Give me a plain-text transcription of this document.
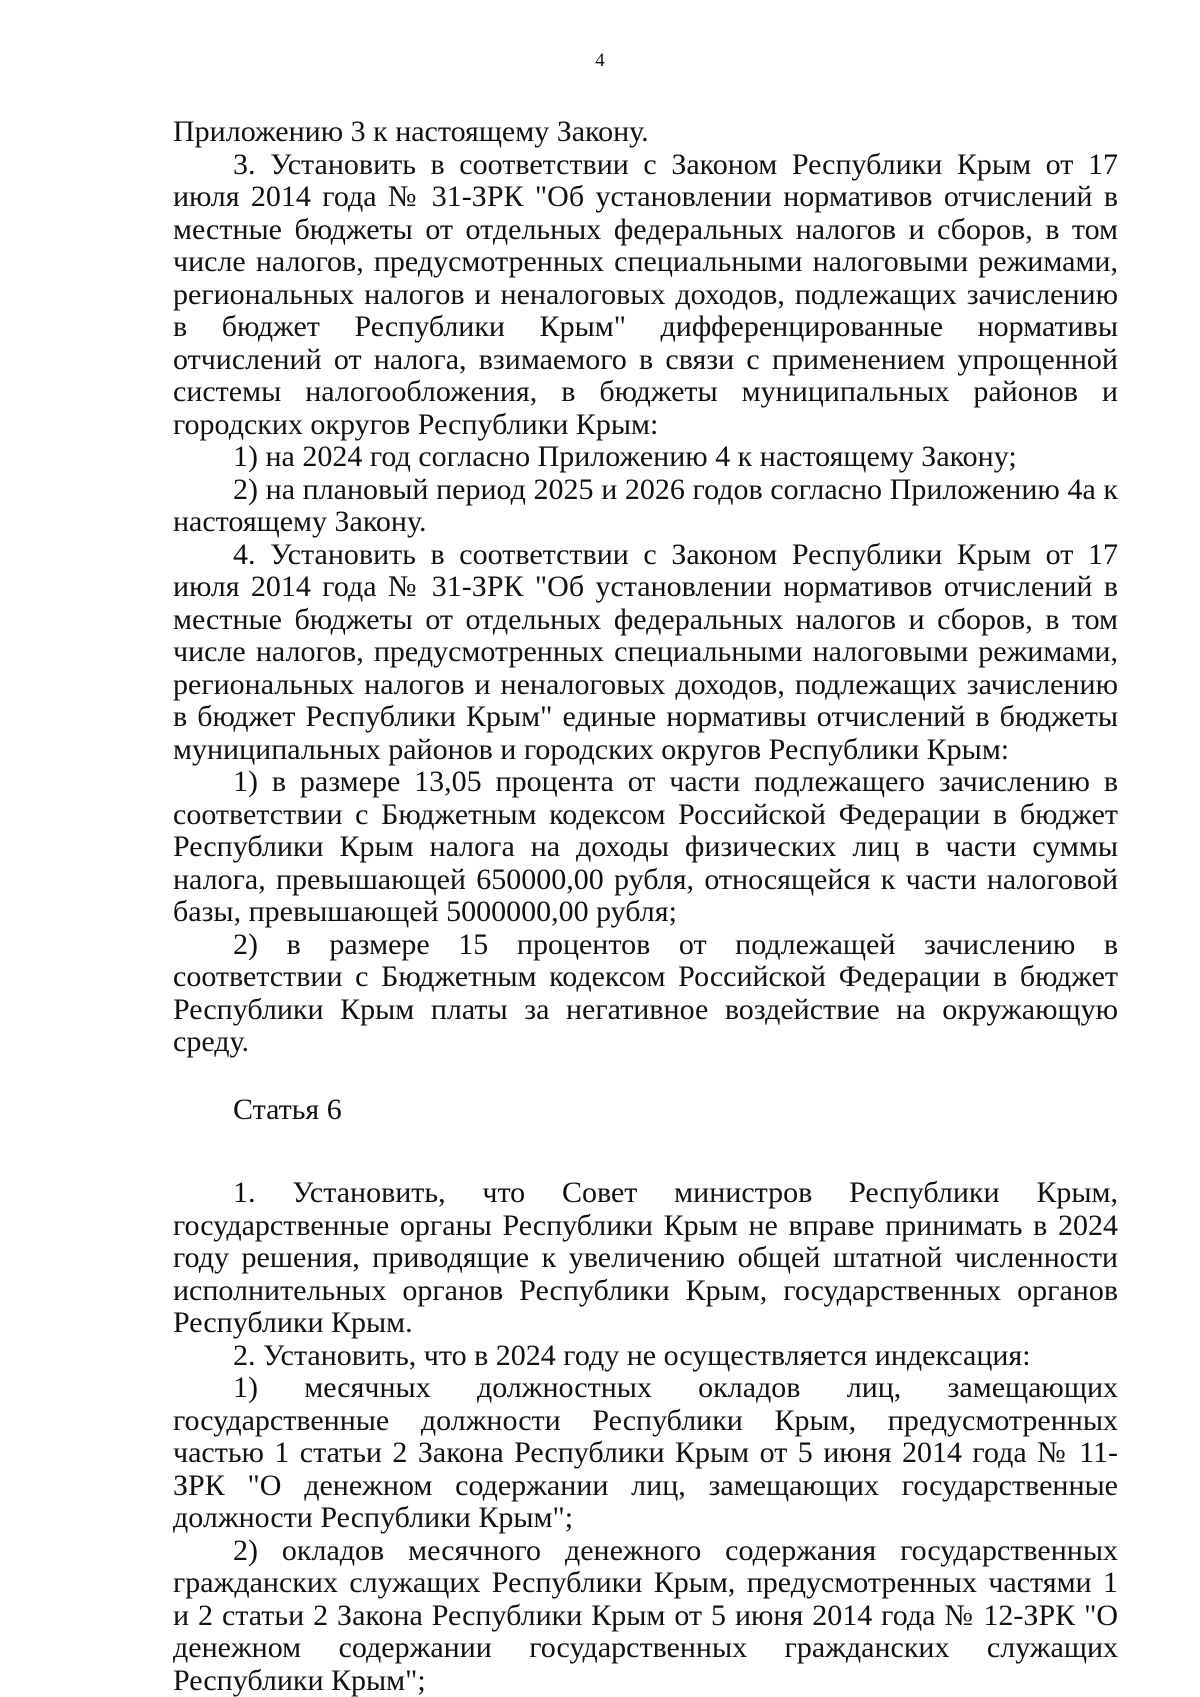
4

Приложению 3 к настоящему Закону.

3. Установить в соответствии с Законом Республики Крым от 17 июля 2014 года № 31-ЗРК "Об установлении нормативов отчислений в местные бюджеты от отдельных федеральных налогов и сборов, в том числе налогов, предусмотренных специальными налоговыми режимами, региональных налогов и неналоговых доходов, подлежащих зачислению в бюджет Республики Крым" дифференцированные нормативы отчислений от налога, взимаемого в связи с применением упрощенной системы налогообложения, в бюджеты муниципальных районов и городских округов Республики Крым:

1) на 2024 год согласно Приложению 4 к настоящему Закону;

2) на плановый период 2025 и 2026 годов согласно Приложению 4а к настоящему Закону.

4. Установить в соответствии с Законом Республики Крым от 17 июля 2014 года № 31-ЗРК "Об установлении нормативов отчислений в местные бюджеты от отдельных федеральных налогов и сборов, в том числе налогов, предусмотренных специальными налоговыми режимами, региональных налогов и неналоговых доходов, подлежащих зачислению в бюджет Республики Крым" единые нормативы отчислений в бюджеты муниципальных районов и городских округов Республики Крым:

1) в размере 13,05 процента от части подлежащего зачислению в соответствии с Бюджетным кодексом Российской Федерации в бюджет Республики Крым налога на доходы физических лиц в части суммы налога, превышающей 650000,00 рубля, относящейся к части налоговой базы, превышающей 5000000,00 рубля;

2) в размере 15 процентов от подлежащей зачислению в соответствии с Бюджетным кодексом Российской Федерации в бюджет Республики Крым платы за негативное воздействие на окружающую среду.

Статья 6

1. Установить, что Совет министров Республики Крым, государственные органы Республики Крым не вправе принимать в 2024 году решения, приводящие к увеличению общей штатной численности исполнительных органов Республики Крым, государственных органов Республики Крым.

2. Установить, что в 2024 году не осуществляется индексация:

1) месячных должностных окладов лиц, замещающих государственные должности Республики Крым, предусмотренных частью 1 статьи 2 Закона Республики Крым от 5 июня 2014 года № 11-ЗРК "О денежном содержании лиц, замещающих государственные должности Республики Крым";

2) окладов месячного денежного содержания государственных гражданских служащих Республики Крым, предусмотренных частями 1 и 2 статьи 2 Закона Республики Крым от 5 июня 2014 года № 12-ЗРК "О денежном содержании государственных гражданских служащих Республики Крым";
